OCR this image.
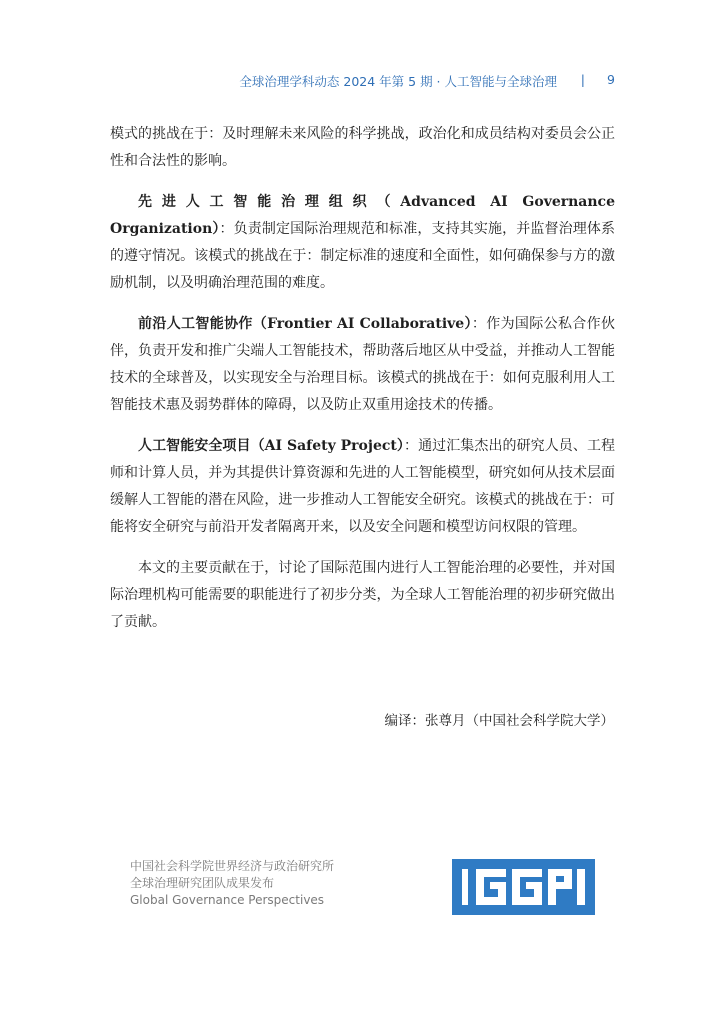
全球治理学科动态 2024 年第 5 期 · 人工智能与全球治理 | 9

模式的挑战在于：及时理解未来风险的科学挑战，政治化和成员结构对委员会公正性和合法性的影响。

先进人工智能治理组织（Advanced AI Governance Organization）：负责制定国际治理规范和标准，支持其实施，并监督治理体系的遵守情况。该模式的挑战在于：制定标准的速度和全面性，如何确保参与方的激励机制，以及明确治理范围的难度。

前沿人工智能协作（Frontier AI Collaborative）：作为国际公私合作伙伴，负责开发和推广尖端人工智能技术，帮助落后地区从中受益，并推动人工智能技术的全球普及，以实现安全与治理目标。该模式的挑战在于：如何克服利用人工智能技术惠及弱势群体的障碍，以及防止双重用途技术的传播。

人工智能安全项目（AI Safety Project）：通过汇集杰出的研究人员、工程师和计算人员，并为其提供计算资源和先进的人工智能模型，研究如何从技术层面缓解人工智能的潜在风险，进一步推动人工智能安全研究。该模式的挑战在于：可能将安全研究与前沿开发者隔离开来，以及安全问题和模型访问权限的管理。

本文的主要贡献在于，讨论了国际范围内进行人工智能治理的必要性，并对国际治理机构可能需要的职能进行了初步分类，为全球人工智能治理的初步研究做出了贡献。

编译：张尊月（中国社会科学院大学）
中国社会科学院世界经济与政治研究所
全球治理研究团队成果发布
Global Governance Perspectives
